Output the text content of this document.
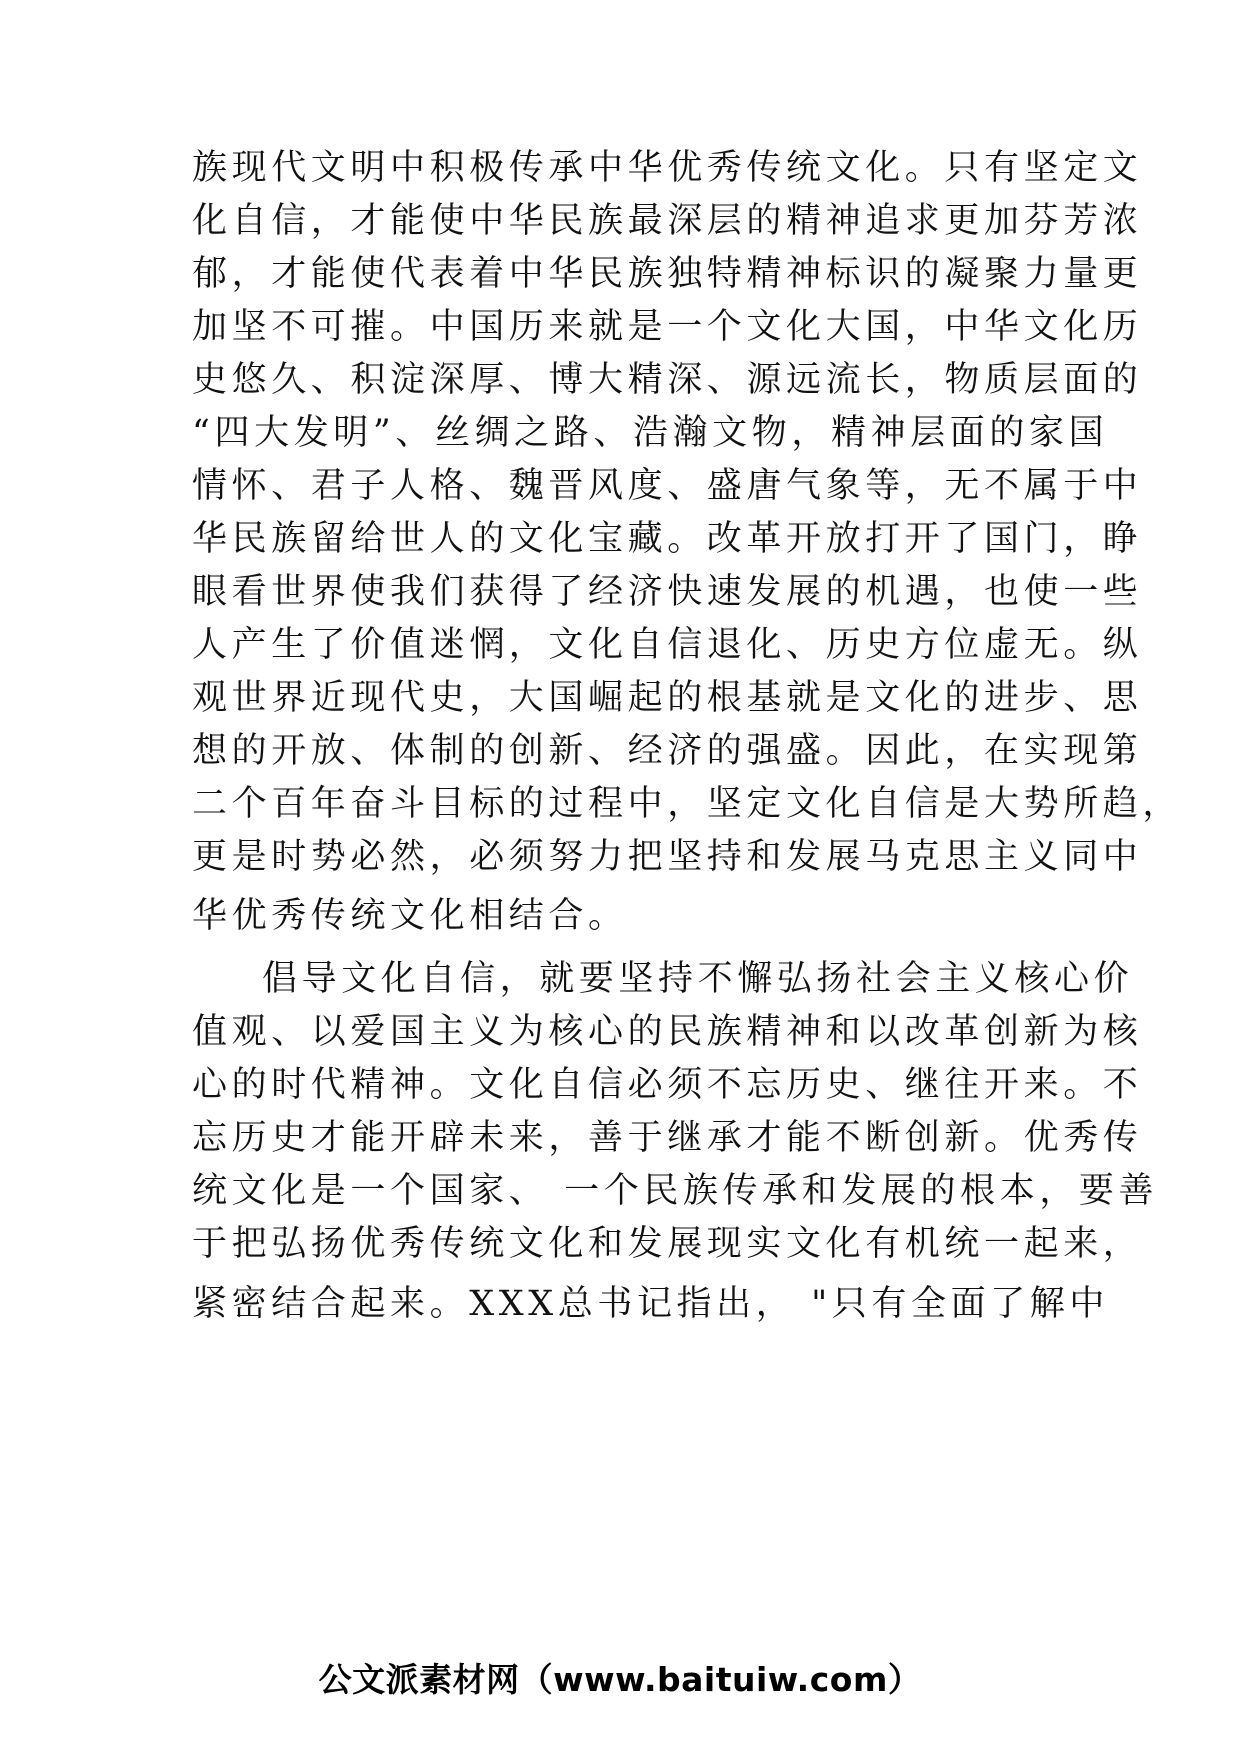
族现代文明中积极传承中华优秀传统文化。只有坚定文
化自信，才能使中华民族最深层的精神追求更加芬芳浓
郁，才能使代表着中华民族独特精神标识的凝聚力量更
加坚不可摧。中国历来就是一个文化大国，中华文化历
史悠久、积淀深厚、博大精深、源远流长，物质层面的
“四大发明”、丝绸之路、浩瀚文物，精神层面的家国
情怀、君子人格、魏晋风度、盛唐气象等，无不属于中
华民族留给世人的文化宝藏。改革开放打开了国门，睁
眼看世界使我们获得了经济快速发展的机遇，也使一些
人产生了价值迷惘，文化自信退化、历史方位虚无。纵
观世界近现代史，大国崛起的根基就是文化的进步、思
想的开放、体制的创新、经济的强盛。因此，在实现第
二个百年奋斗目标的过程中，坚定文化自信是大势所趋，
更是时势必然，必须努力把坚持和发展马克思主义同中
华优秀传统文化相结合。
倡导文化自信，就要坚持不懈弘扬社会主义核心价
值观、以爱国主义为核心的民族精神和以改革创新为核
心的时代精神。文化自信必须不忘历史、继往开来。不
忘历史才能开辟未来，善于继承才能不断创新。优秀传
统文化是一个国家、 一个民族传承和发展的根本，要善
于把弘扬优秀传统文化和发展现实文化有机统一起来，
紧密结合起来。XXX总书记指出， "只有全面了解中
公文派素材网（www.baituiw.com）
